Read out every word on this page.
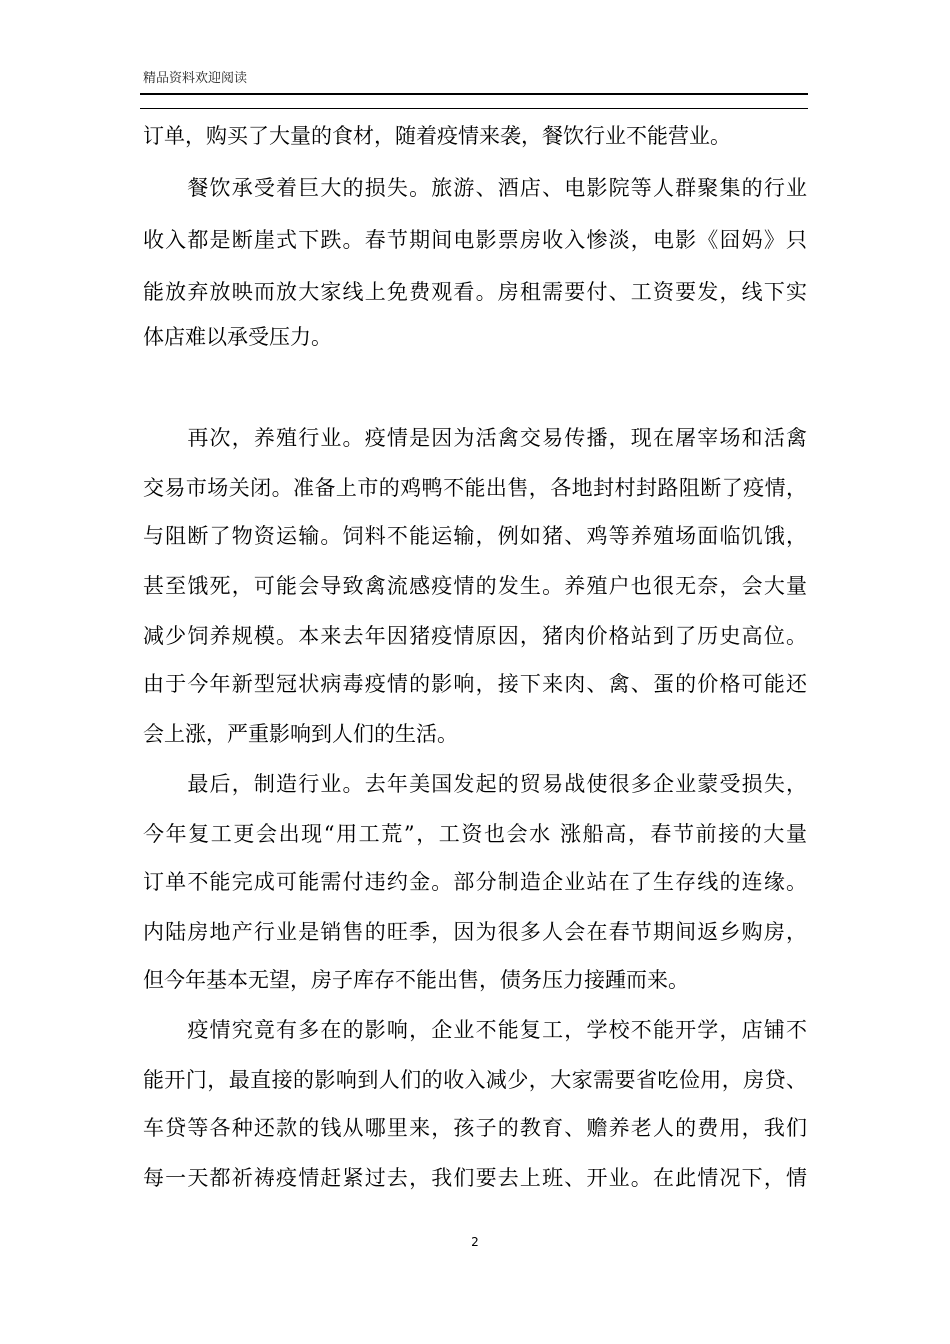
精品资料欢迎阅读
订单，购买了大量的食材，随着疫情来袭，餐饮行业不能营业。
　　餐饮承受着巨大的损失。旅游、酒店、电影院等人群聚集的行业
收入都是断崖式下跌。春节期间电影票房收入惨淡，电影《囧妈》只
能放弃放映而放大家线上免费观看。房租需要付、工资要发，线下实
体店难以承受压力。
　　再次，养殖行业。疫情是因为活禽交易传播，现在屠宰场和活禽
交易市场关闭。准备上市的鸡鸭不能出售，各地封村封路阻断了疫情，
与阻断了物资运输。饲料不能运输，例如猪、鸡等养殖场面临饥饿，
甚至饿死，可能会导致禽流感疫情的发生。养殖户也很无奈，会大量
减少饲养规模。本来去年因猪疫情原因，猪肉价格站到了历史高位。
由于今年新型冠状病毒疫情的影响，接下来肉、禽、蛋的价格可能还
会上涨，严重影响到人们的生活。
　　最后，制造行业。去年美国发起的贸易战使很多企业蒙受损失，
今年复工更会出现“用工荒”，工资也会水 涨船高，春节前接的大量
订单不能完成可能需付违约金。部分制造企业站在了生存线的连缘。
内陆房地产行业是销售的旺季，因为很多人会在春节期间返乡购房，
但今年基本无望，房子库存不能出售，债务压力接踵而来。
　　疫情究竟有多在的影响，企业不能复工，学校不能开学，店铺不
能开门，最直接的影响到人们的收入减少，大家需要省吃俭用，房贷、
车贷等各种还款的钱从哪里来，孩子的教育、赡养老人的费用，我们
每一天都祈祷疫情赶紧过去，我们要去上班、开业。在此情况下，情
2
